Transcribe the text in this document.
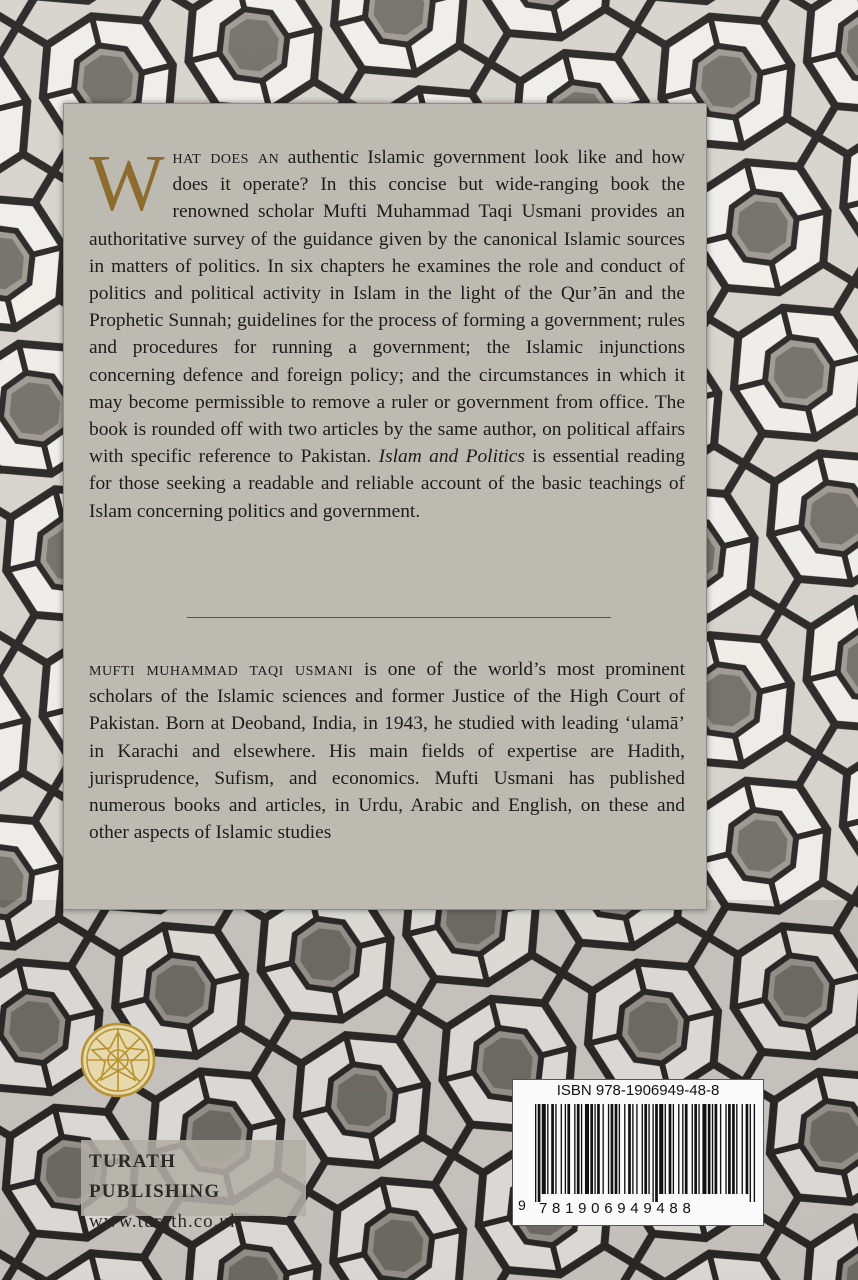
What does an authentic Islamic government look like and how does it operate? In this concise but wide-ranging book the renowned scholar Mufti Muhammad Taqi Usmani provides an authoritative survey of the guidance given by the canonical Islamic sources in matters of politics. In six chapters he examines the role and conduct of politics and political activity in Islam in the light of the Qur’ān and the Prophetic Sunnah; guidelines for the process of forming a government; rules and procedures for running a government; the Islamic injunctions concerning defence and foreign policy; and the circumstances in which it may become permissible to remove a ruler or government from office. The book is rounded off with two articles by the same author, on political affairs with specific reference to Pakistan. Islam and Politics is essential reading for those seeking a readable and reliable account of the basic teachings of Islam concerning politics and government.
mufti muhammad taqi usmani is one of the world’s most prominent scholars of the Islamic sciences and former Justice of the High Court of Pakistan. Born at Deoband, India, in 1943, he studied with leading ‘ulamā’ in Karachi and elsewhere. His main fields of expertise are Hadith, jurisprudence, Sufism, and economics. Mufti Usmani has published numerous books and articles, in Urdu, Arabic and English, on these and other aspects of Islamic studies
TURATH PUBLISHING
www.turath.co.uk
ISBN 978-1906949-48-8
9 781906949488
